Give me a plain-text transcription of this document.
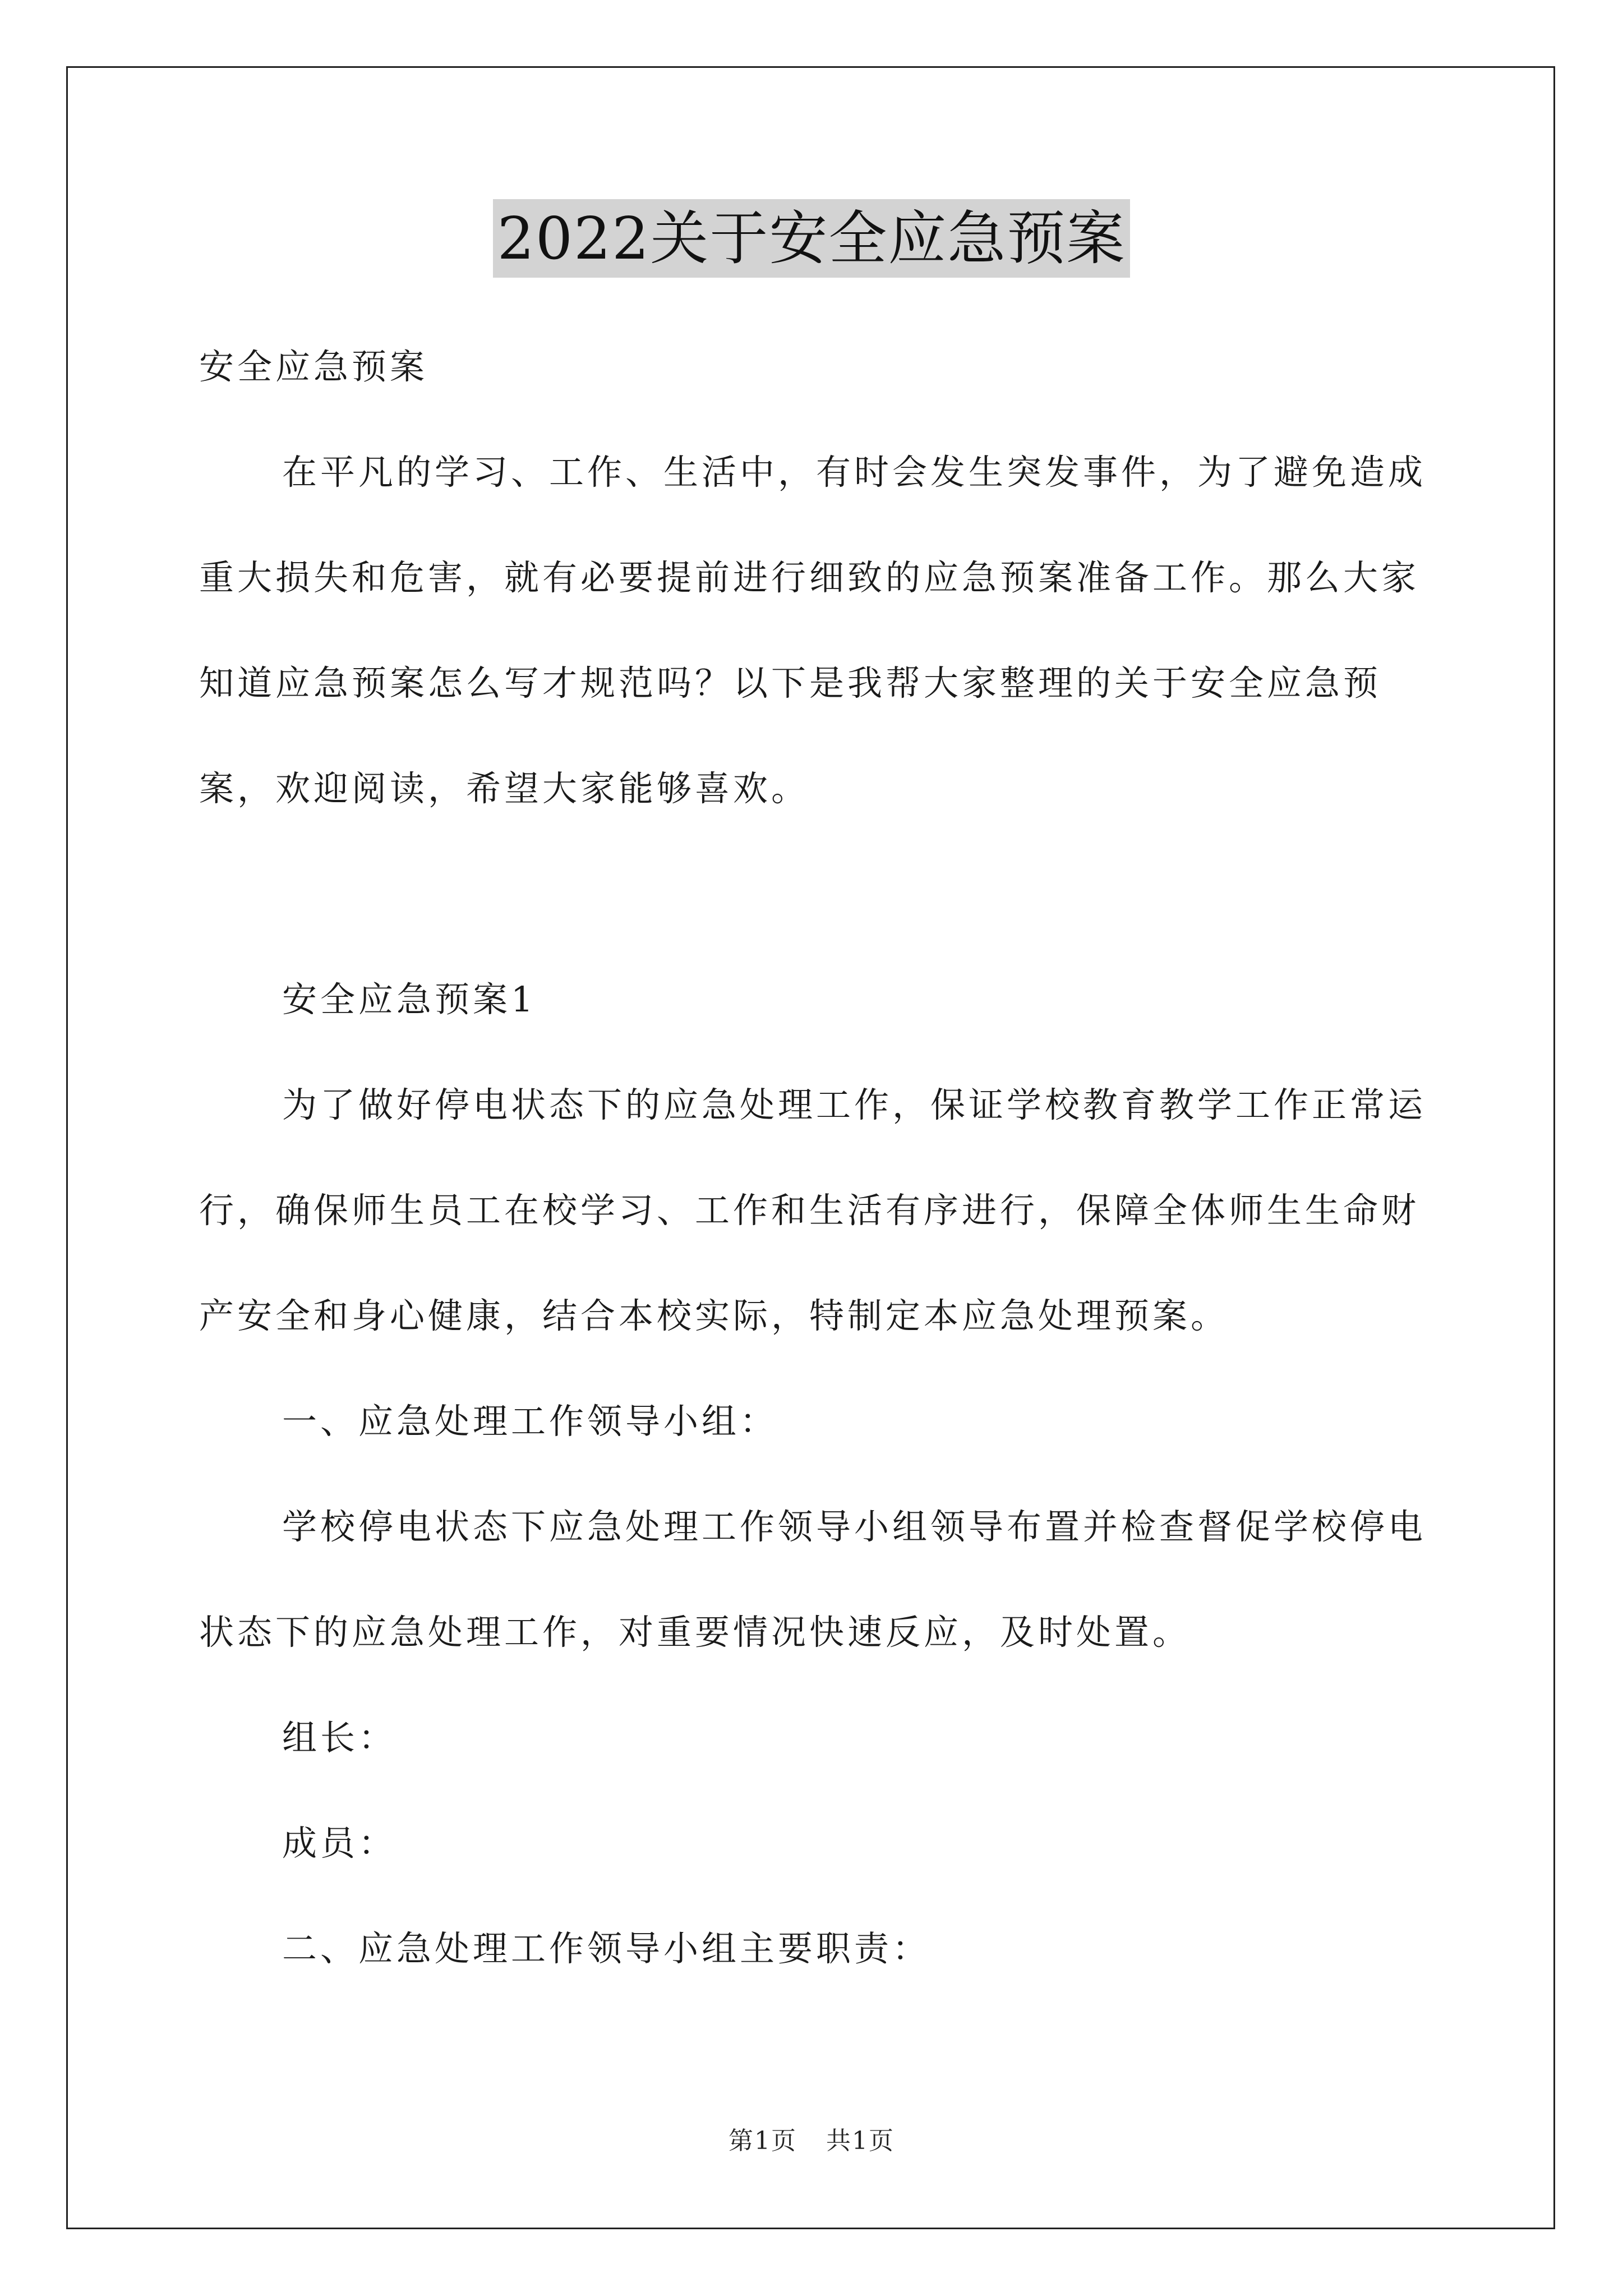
2022关于安全应急预案

安全应急预案

在平凡的学习、工作、生活中，有时会发生突发事件，为了避免造成重大损失和危害，就有必要提前进行细致的应急预案准备工作。那么大家知道应急预案怎么写才规范吗？以下是我帮大家整理的关于安全应急预案，欢迎阅读，希望大家能够喜欢。

安全应急预案1

为了做好停电状态下的应急处理工作，保证学校教育教学工作正常运行，确保师生员工在校学习、工作和生活有序进行，保障全体师生生命财产安全和身心健康，结合本校实际，特制定本应急处理预案。

一、应急处理工作领导小组：

学校停电状态下应急处理工作领导小组领导布置并检查督促学校停电状态下的应急处理工作，对重要情况快速反应，及时处置。

组长：

成员：

二、应急处理工作领导小组主要职责：

第1页 共1页
